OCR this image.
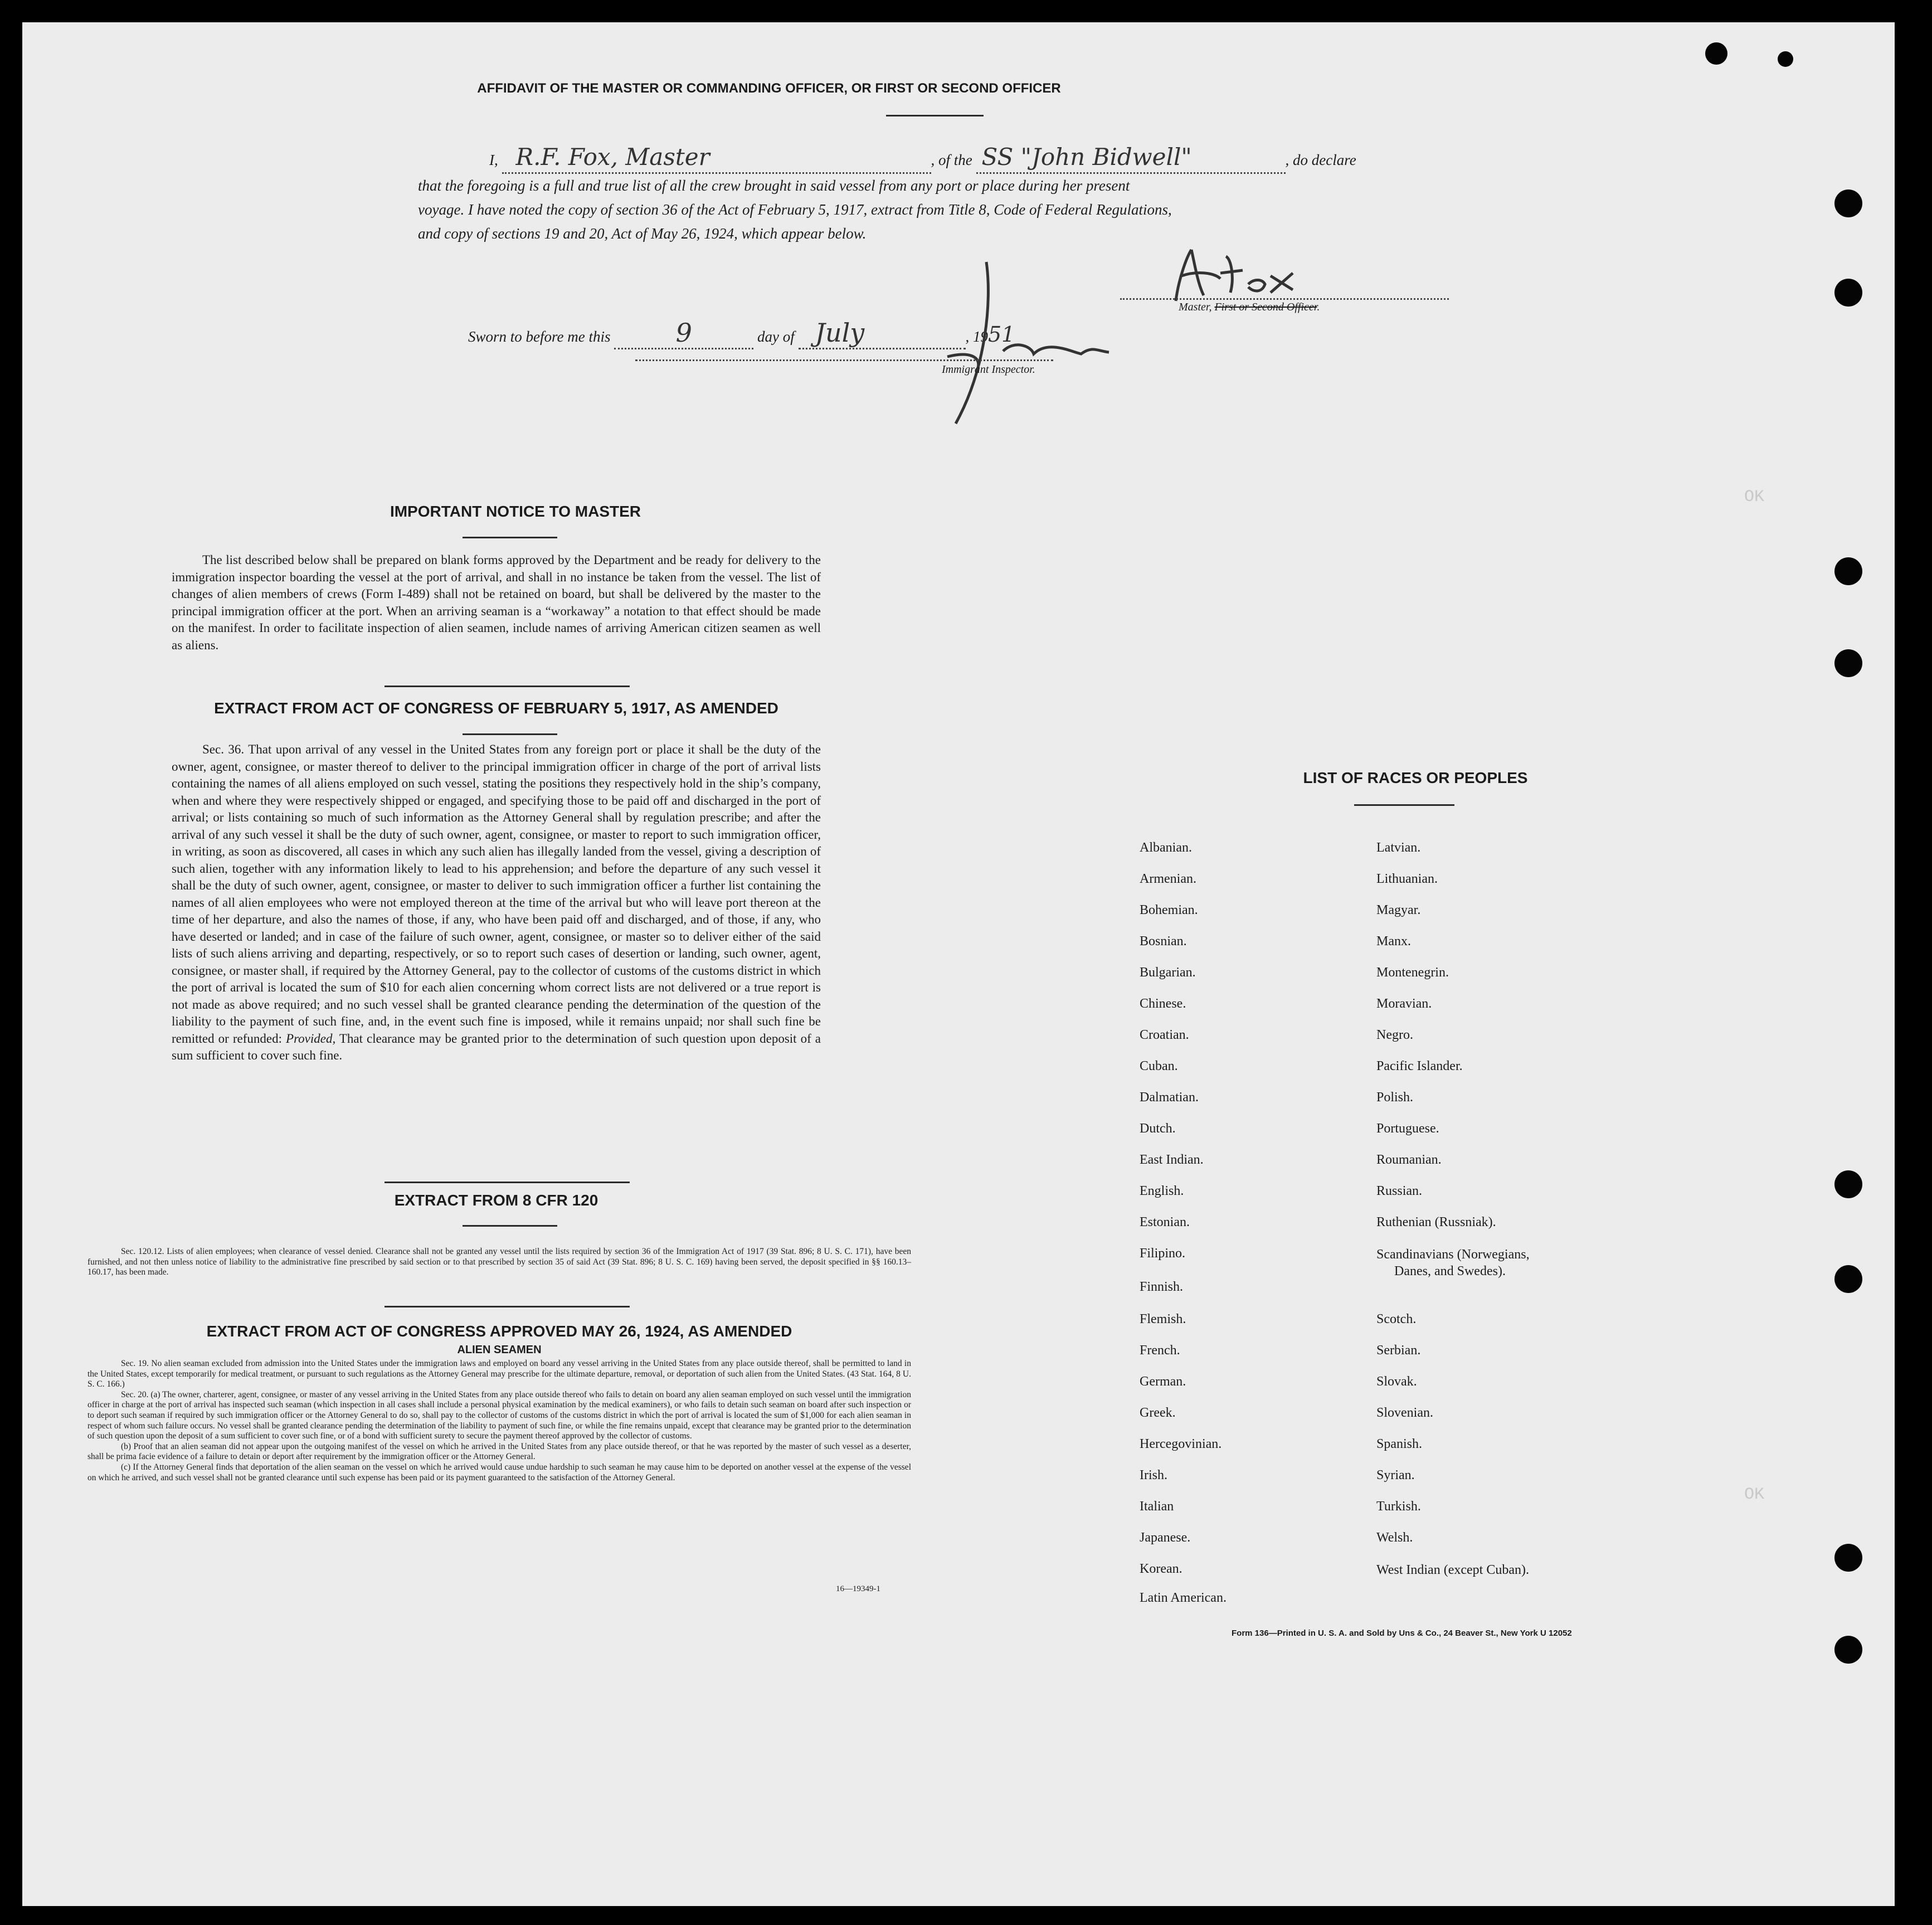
OK
OK
AFFIDAVIT OF THE MASTER OR COMMANDING OFFICER, OR FIRST OR SECOND OFFICER
I, R.F. Fox, Master	, of the SS "John Bidwell"	, do declare
that the foregoing is a full and true list of all the crew brought in said vessel from any port or place during her present
voyage. I have noted the copy of section 36 of the Act of February 5, 1917, extract from Title 8, Code of Federal Regulations,
and copy of sections 19 and 20, Act of May 26, 1924, which appear below.
Master, First or Second Officer.
Sworn to before me this	9	day of July	, 1951
Immigrant Inspector.
IMPORTANT NOTICE TO MASTER

The list described below shall be prepared on blank forms approved by the Department and be ready for delivery to the immigration inspector boarding the vessel at the port of arrival, and shall in no instance be taken from the vessel. The list of changes of alien members of crews (Form I-489) shall not be retained on board, but shall be delivered by the master to the principal immigration officer at the port. When an arriving seaman is a “workaway” a notation to that effect should be made on the manifest. In order to facilitate inspection of alien seamen, include names of arriving American citizen seamen as well as aliens.

EXTRACT FROM ACT OF CONGRESS OF FEBRUARY 5, 1917, AS AMENDED

Sec. 36. That upon arrival of any vessel in the United States from any foreign port or place it shall be the duty of the owner, agent, consignee, or master thereof to deliver to the principal immigration officer in charge of the port of arrival lists containing the names of all aliens employed on such vessel, stating the positions they respectively hold in the ship’s company, when and where they were respectively shipped or engaged, and specifying those to be paid off and discharged in the port of arrival; or lists containing so much of such information as the Attorney General shall by regulation prescribe; and after the arrival of any such vessel it shall be the duty of such owner, agent, consignee, or master to report to such immigration officer, in writing, as soon as discovered, all cases in which any such alien has illegally landed from the vessel, giving a description of such alien, together with any information likely to lead to his apprehension; and before the departure of any such vessel it shall be the duty of such owner, agent, consignee, or master to deliver to such immigration officer a further list containing the names of all alien employees who were not employed thereon at the time of the arrival but who will leave port thereon at the time of her departure, and also the names of those, if any, who have been paid off and discharged, and of those, if any, who have deserted or landed; and in case of the failure of such owner, agent, consignee, or master so to deliver either of the said lists of such aliens arriving and departing, respectively, or so to report such cases of desertion or landing, such owner, agent, consignee, or master shall, if required by the Attorney General, pay to the collector of customs of the customs district in which the port of arrival is located the sum of $10 for each alien concerning whom correct lists are not delivered or a true report is not made as above required; and no such vessel shall be granted clearance pending the determination of the question of the liability to the payment of such fine, and, in the event such fine is imposed, while it remains unpaid; nor shall such fine be remitted or refunded: Provided, That clearance may be granted prior to the determination of such question upon deposit of a sum sufficient to cover such fine.

EXTRACT FROM 8 CFR 120

Sec. 120.12. Lists of alien employees; when clearance of vessel denied. Clearance shall not be granted any vessel until the lists required by section 36 of the Immigration Act of 1917 (39 Stat. 896; 8 U. S. C. 171), have been furnished, and not then unless notice of liability to the administrative fine prescribed by said section or to that prescribed by section 35 of said Act (39 Stat. 896; 8 U. S. C. 169) having been served, the deposit specified in §§ 160.13–160.17, has been made.

EXTRACT FROM ACT OF CONGRESS APPROVED MAY 26, 1924, AS AMENDED
ALIEN SEAMEN

Sec. 19. No alien seaman excluded from admission into the United States under the immigration laws and employed on board any vessel arriving in the United States from any place outside thereof, shall be permitted to land in the United States, except temporarily for medical treatment, or pursuant to such regulations as the Attorney General may prescribe for the ultimate departure, removal, or deportation of such alien from the United States. (43 Stat. 164, 8 U. S. C. 166.)

Sec. 20. (a) The owner, charterer, agent, consignee, or master of any vessel arriving in the United States from any place outside thereof who fails to detain on board any alien seaman employed on such vessel until the immigration officer in charge at the port of arrival has inspected such seaman (which inspection in all cases shall include a personal physical examination by the medical examiners), or who fails to detain such seaman on board after such inspection or to deport such seaman if required by such immigration officer or the Attorney General to do so, shall pay to the collector of customs of the customs district in which the port of arrival is located the sum of $1,000 for each alien seaman in respect of whom such failure occurs. No vessel shall be granted clearance pending the determination of the liability to payment of such fine, or while the fine remains unpaid, except that clearance may be granted prior to the determination of such question upon the deposit of a sum sufficient to cover such fine, or of a bond with sufficient surety to secure the payment thereof approved by the collector of customs.

(b) Proof that an alien seaman did not appear upon the outgoing manifest of the vessel on which he arrived in the United States from any place outside thereof, or that he was reported by the master of such vessel as a deserter, shall be prima facie evidence of a failure to detain or deport after requirement by the immigration officer or the Attorney General.

(c) If the Attorney General finds that deportation of the alien seaman on the vessel on which he arrived would cause undue hardship to such seaman he may cause him to be deported on another vessel at the expense of the vessel on which he arrived, and such vessel shall not be granted clearance until such expense has been paid or its payment guaranteed to the satisfaction of the Attorney General.

16—19349-1
LIST OF RACES OR PEOPLES
Albanian.
Armenian.
Bohemian.
Bosnian.
Bulgarian.
Chinese.
Croatian.
Cuban.
Dalmatian.
Dutch.
East Indian.
English.
Estonian.
Filipino.
Finnish.
Flemish.
French.
German.
Greek.
Hercegovinian.
Irish.
Italian
Japanese.
Korean.
Latin American.
Latvian.
Lithuanian.
Magyar.
Manx.
Montenegrin.
Moravian.
Negro.
Pacific Islander.
Polish.
Portuguese.
Roumanian.
Russian.
Ruthenian (Russniak).
Scandinavians (Norwegians,
Danes, and Swedes).
Scotch.
Serbian.
Slovak.
Slovenian.
Spanish.
Syrian.
Turkish.
Welsh.
West Indian (except Cuban).
Form 136—Printed in U. S. A. and Sold by Uns & Co., 24 Beaver St., New York U 12052
